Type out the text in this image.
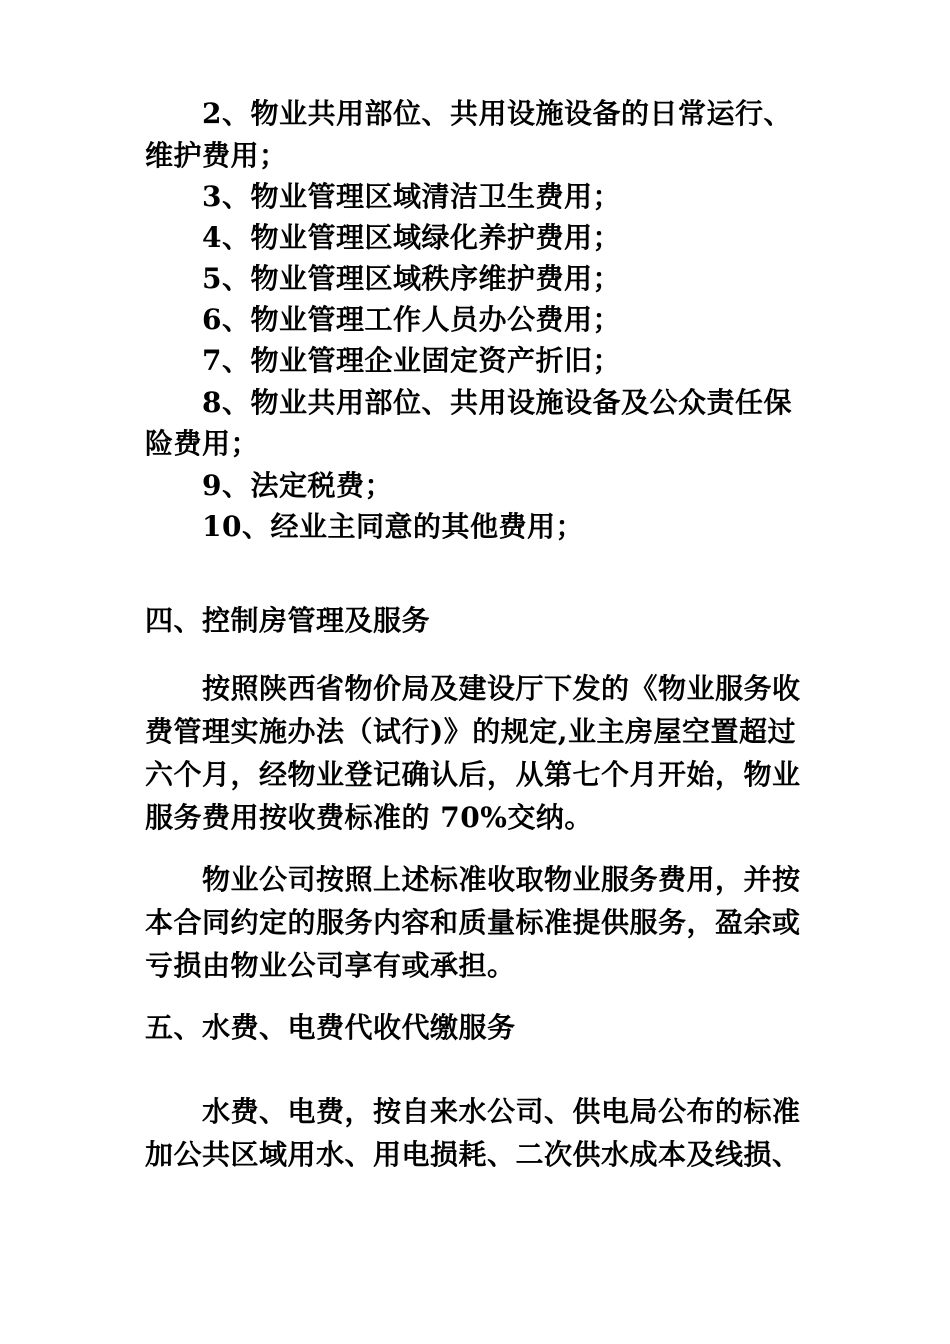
2、物业共用部位、共用设施设备的日常运行、
维护费用；
3、物业管理区域清洁卫生费用；
4、物业管理区域绿化养护费用；
5、物业管理区域秩序维护费用；
6、物业管理工作人员办公费用；
7、物业管理企业固定资产折旧；
8、物业共用部位、共用设施设备及公众责任保
险费用；
9、法定税费；
10、经业主同意的其他费用；
四、控制房管理及服务
按照陕西省物价局及建设厅下发的《物业服务收
费管理实施办法（试行)》的规定,业主房屋空置超过
六个月，经物业登记确认后，从第七个月开始，物业
服务费用按收费标准的 70%交纳。
物业公司按照上述标准收取物业服务费用，并按
本合同约定的服务内容和质量标准提供服务，盈余或
亏损由物业公司享有或承担。
五、水费、电费代收代缴服务
水费、电费，按自来水公司、供电局公布的标准
加公共区域用水、用电损耗、二次供水成本及线损、
